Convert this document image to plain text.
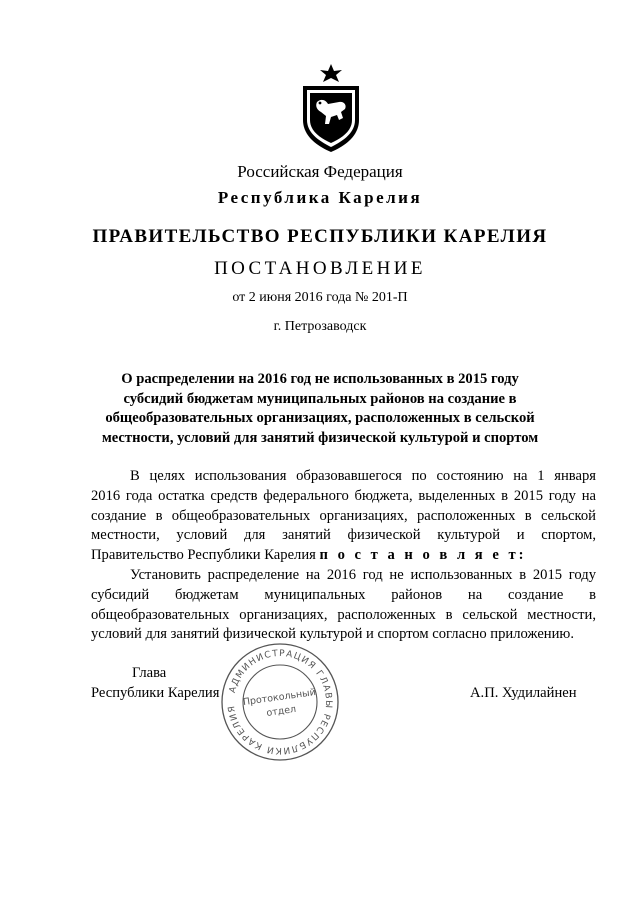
Российская Федерация
Республика Карелия
ПРАВИТЕЛЬСТВО РЕСПУБЛИКИ КАРЕЛИЯ
ПОСТАНОВЛЕНИЕ
от 2 июня 2016 года № 201-П
г. Петрозаводск
О распределении на 2016 год не использованных в 2015 году
субсидий бюджетам муниципальных районов на создание в
общеобразовательных организациях, расположенных в сельской
местности, условий для занятий физической культурой и спортом
В целях использования образовавшегося по состоянию на 1 января
2016 года остатка средств федерального бюджета, выделенных в 2015 году на
создание в общеобразовательных организациях, расположенных в сельской
местности, условий для занятий физической культурой и спортом,
Правительство Республики Карелия п о с т а н о в л я е т:
Установить распределение на 2016 год не использованных в 2015 году
субсидий бюджетам муниципальных районов на создание в
общеобразовательных организациях, расположенных в сельской местности,
условий для занятий физической культурой и спортом согласно приложению.
Глава
Республики Карелия	А.П. Худилайнен
АДМИНИСТРАЦИЯ ГЛАВЫ РЕСПУБЛИКИ КАРЕЛИЯ
Протокольный
отдел
